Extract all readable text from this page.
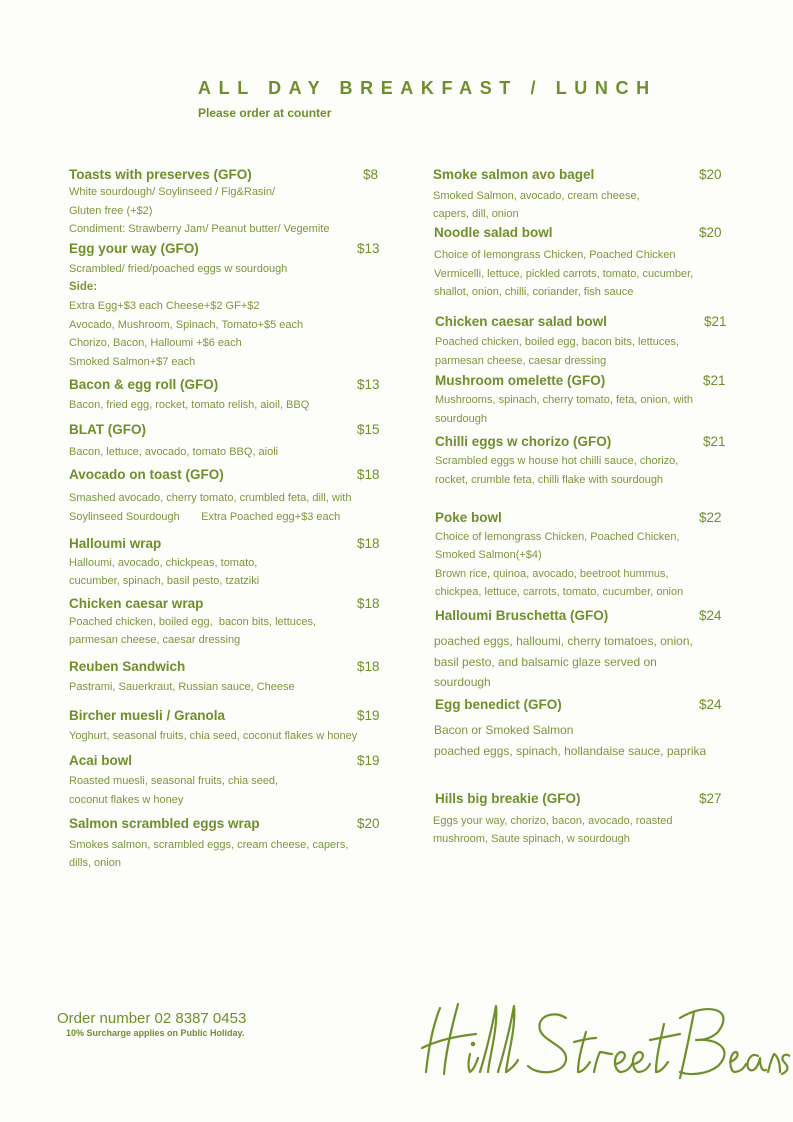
ALL DAY BREAKFAST / LUNCH
Please order at counter
Toasts with preserves (GFO)	$8
White sourdough/ Soylinseed / Fig&Rasin/
Gluten free (+$2)
Condiment: Strawberry Jam/ Peanut butter/ Vegemite
Egg your way (GFO)	$13
Scrambled/ fried/poached eggs w sourdough
Side:
Extra Egg+$3 each Cheese+$2 GF+$2
Avocado, Mushroom, Spinach, Tomato+$5 each
Chorizo, Bacon, Halloumi +$6 each
Smoked Salmon+$7 each
Bacon & egg roll (GFO)	$13
Bacon, fried egg, rocket, tomato relish, aioil, BBQ
BLAT (GFO)	$15
Bacon, lettuce, avocado, tomato BBQ, aioli
Avocado on toast (GFO)	$18
Smashed avocado, cherry tomato, crumbled feta, dill, with
Soylinseed Sourdough       Extra Poached egg+$3 each
Halloumi wrap	$18
Halloumi, avocado, chickpeas, tomato,
cucumber, spinach, basil pesto, tzatziki
Chicken caesar wrap	$18
Poached chicken, boiled egg,  bacon bits, lettuces,
parmesan cheese, caesar dressing
Reuben Sandwich	$18
Pastrami, Sauerkraut, Russian sauce, Cheese
Bircher muesli / Granola	$19
Yoghurt, seasonal fruits, chia seed, coconut flakes w honey
Acai bowl	$19
Roasted muesli, seasonal fruits, chia seed,
coconut flakes w honey
Salmon scrambled eggs wrap	$20
Smokes salmon, scrambled eggs, cream cheese, capers,
dills, onion
Smoke salmon avo bagel	$20
Smoked Salmon, avocado, cream cheese,
capers, dill, onion
Noodle salad bowl	$20
Choice of lemongrass Chicken, Poached Chicken
Vermicelli, lettuce, pickled carrots, tomato, cucumber,
shallot, onion, chilli, coriander, fish sauce
Chicken caesar salad bowl	$21
Poached chicken, boiled egg, bacon bits, lettuces,
parmesan cheese, caesar dressing
Mushroom omelette (GFO)	$21
Mushrooms, spinach, cherry tomato, feta, onion, with
sourdough
Chilli eggs w chorizo (GFO)	$21
Scrambled eggs w house hot chilli sauce, chorizo,
rocket, crumble feta, chilli flake with sourdough
Poke bowl	$22
Choice of lemongrass Chicken, Poached Chicken,
Smoked Salmon(+$4)
Brown rice, quinoa, avocado, beetroot hummus,
chickpea, lettuce, carrots, tomato, cucumber, onion
Halloumi Bruschetta (GFO)	$24
poached eggs, halloumi, cherry tomatoes, onion,
basil pesto, and balsamic glaze served on
sourdough
Egg benedict (GFO)	$24
Bacon or Smoked Salmon
poached eggs, spinach, hollandaise sauce, paprika
Hills big breakie (GFO)	$27
Eggs your way, chorizo, bacon, avocado, roasted
mushroom, Saute spinach, w sourdough
Order number 02 8387 0453
10% Surcharge applies on Public Holiday.
